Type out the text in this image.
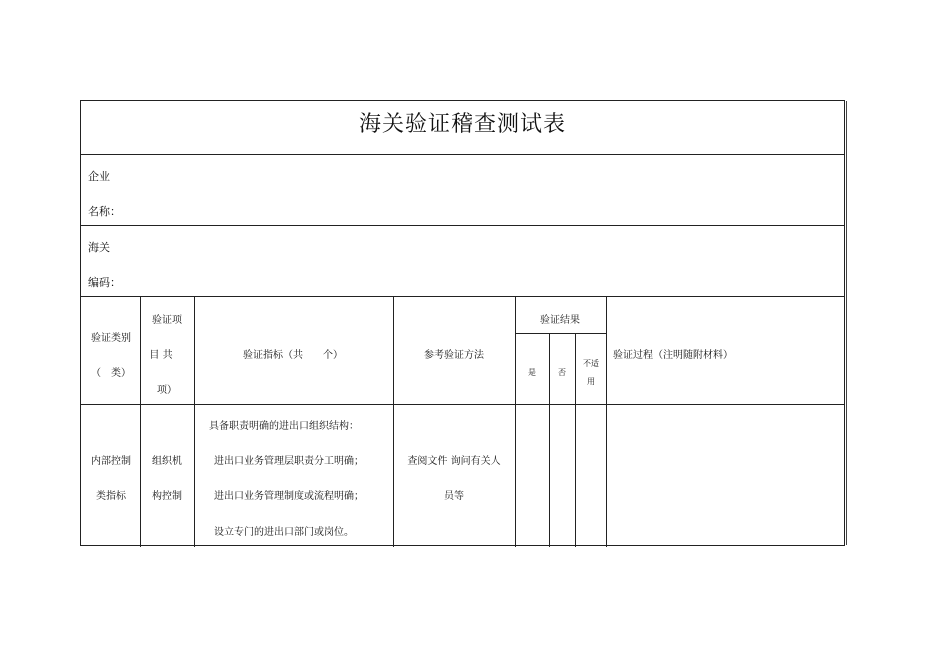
海关验证稽查测试表
企业
名称：
海关
编码：
验证类别
（　类）
验证项
目 共
项）
验证指标（共　　个）	参考验证方法
验证结果
是	否
不适
用
验证过程（注明随附材料）
内部控制
类指标
组织机
构控制
具备职责明确的进出口组织结构：
进出口业务管理层职责分工明确；
进出口业务管理制度或流程明确；
设立专门的进出口部门或岗位。
查阅文件 询问有关人
员等
